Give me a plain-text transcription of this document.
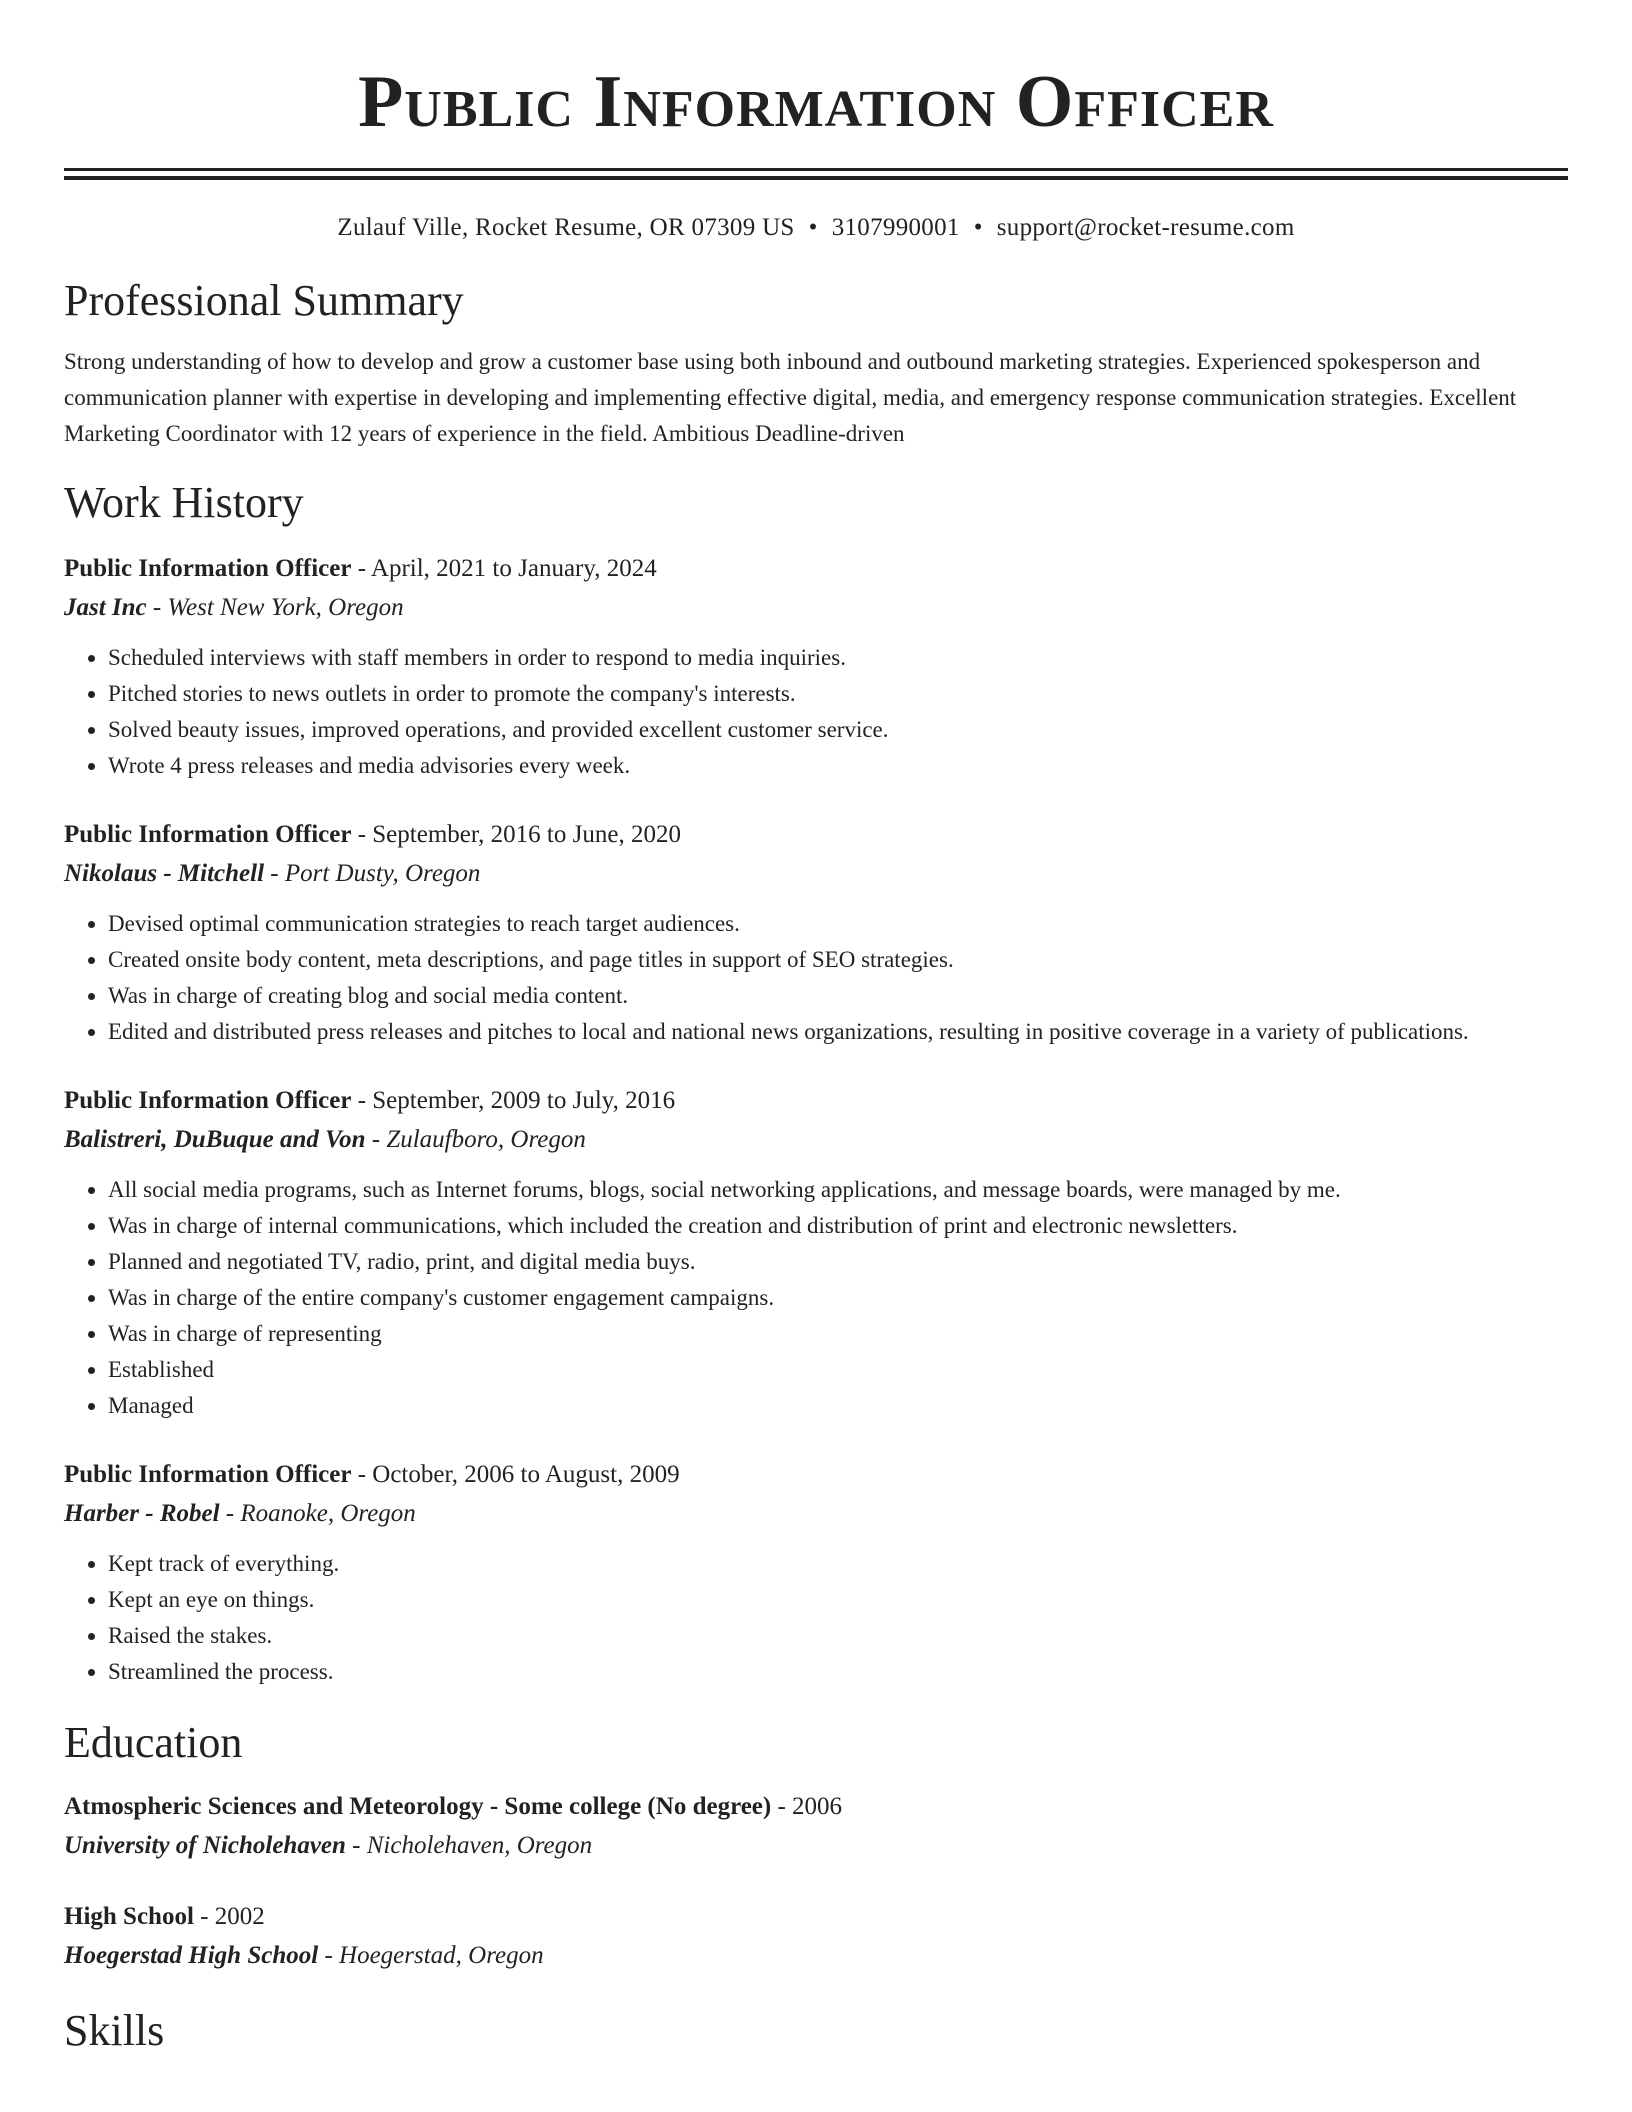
Public Information Officer
Zulauf Ville, Rocket Resume, OR 07309 US • 3107990001 • support@rocket-resume.com
Professional Summary
Strong understanding of how to develop and grow a customer base using both inbound and outbound marketing strategies. Experienced spokesperson and communication planner with expertise in developing and implementing effective digital, media, and emergency response communication strategies. Excellent Marketing Coordinator with 12 years of experience in the field. Ambitious Deadline-driven
Work History
Public Information Officer - April, 2021 to January, 2024
Jast Inc - West New York, Oregon
• Scheduled interviews with staff members in order to respond to media inquiries.
• Pitched stories to news outlets in order to promote the company's interests.
• Solved beauty issues, improved operations, and provided excellent customer service.
• Wrote 4 press releases and media advisories every week.
Public Information Officer - September, 2016 to June, 2020
Nikolaus - Mitchell - Port Dusty, Oregon
• Devised optimal communication strategies to reach target audiences.
• Created onsite body content, meta descriptions, and page titles in support of SEO strategies.
• Was in charge of creating blog and social media content.
• Edited and distributed press releases and pitches to local and national news organizations, resulting in positive coverage in a variety of publications.
Public Information Officer - September, 2009 to July, 2016
Balistreri, DuBuque and Von - Zulaufboro, Oregon
• All social media programs, such as Internet forums, blogs, social networking applications, and message boards, were managed by me.
• Was in charge of internal communications, which included the creation and distribution of print and electronic newsletters.
• Planned and negotiated TV, radio, print, and digital media buys.
• Was in charge of the entire company's customer engagement campaigns.
• Was in charge of representing
• Established
• Managed
Public Information Officer - October, 2006 to August, 2009
Harber - Robel - Roanoke, Oregon
• Kept track of everything.
• Kept an eye on things.
• Raised the stakes.
• Streamlined the process.
Education
Atmospheric Sciences and Meteorology - Some college (No degree) - 2006
University of Nicholehaven - Nicholehaven, Oregon
High School - 2002
Hoegerstad High School - Hoegerstad, Oregon
Skills
